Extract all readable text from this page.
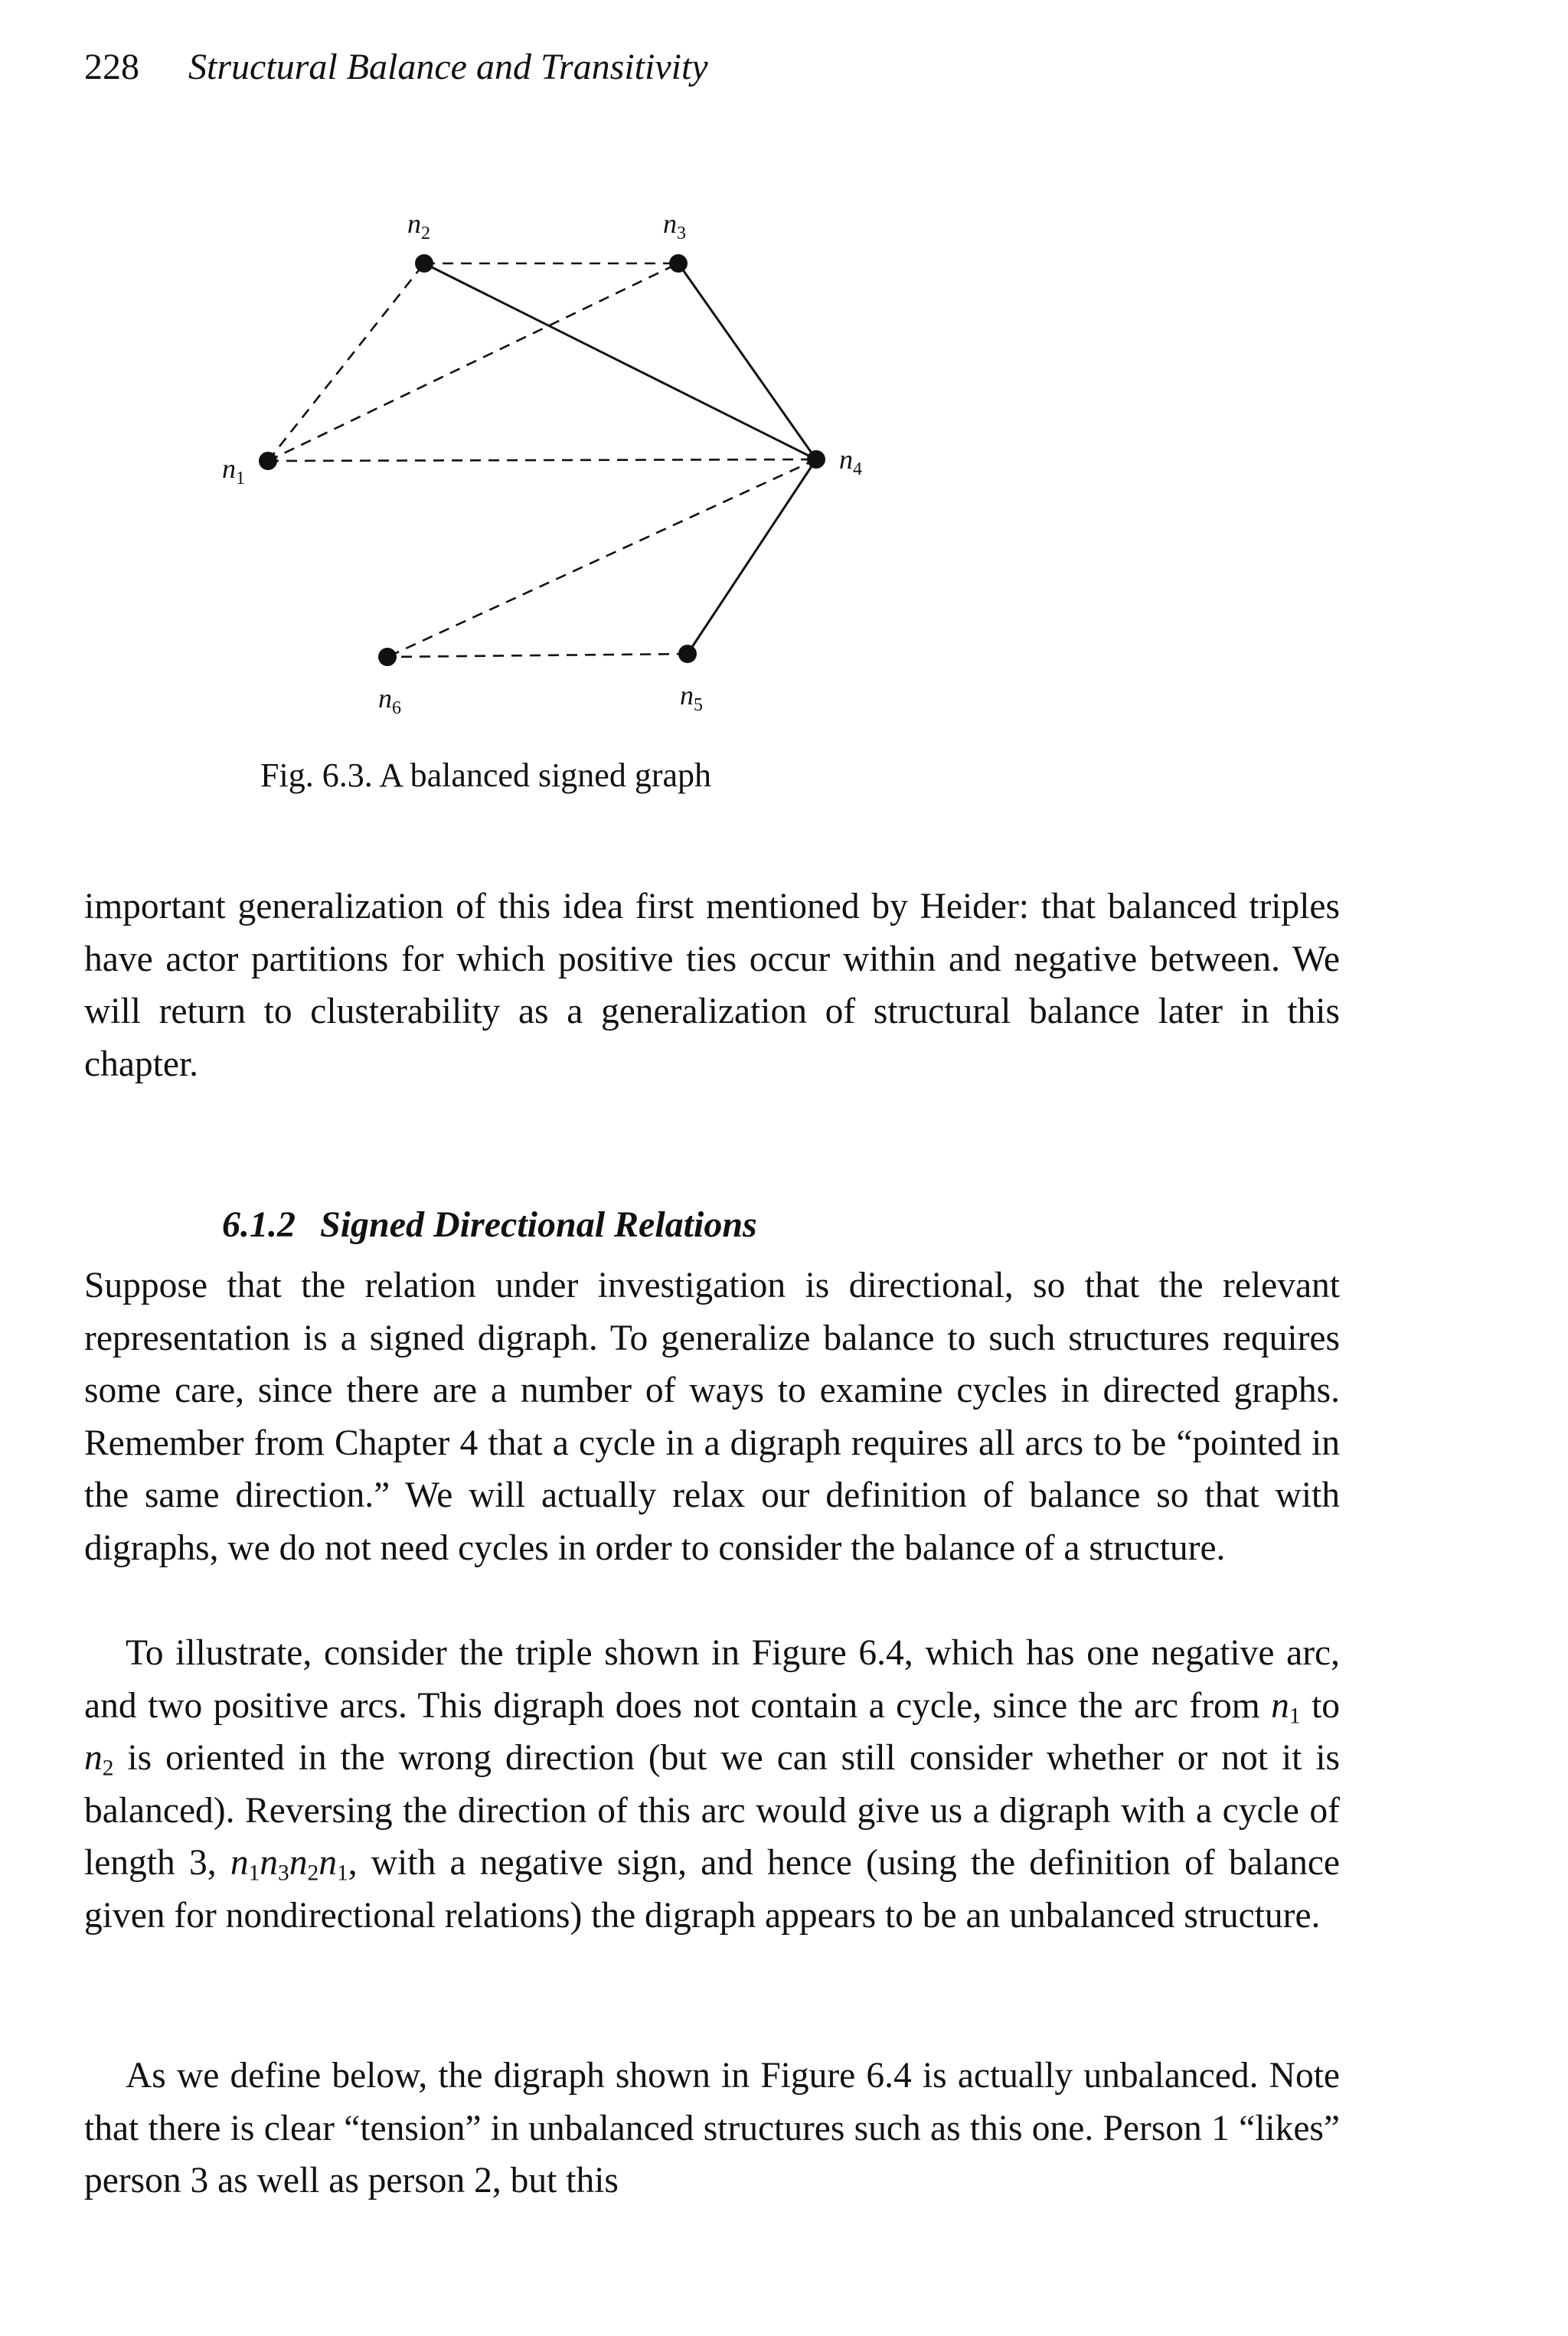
228 Structural Balance and Transitivity
$n_1$
$n_2$	$n_3$
$n_4$
$n_5$
$n_6$
Fig. 6.3. A balanced signed graph

important generalization of this idea first mentioned by Heider: that balanced triples have actor partitions for which positive ties occur within and negative between. We will return to clusterability as a generalization of structural balance later in this chapter.

6.1.2 Signed Directional Relations

Suppose that the relation under investigation is directional, so that the relevant representation is a signed digraph. To generalize balance to such structures requires some care, since there are a number of ways to examine cycles in directed graphs. Remember from Chapter 4 that a cycle in a digraph requires all arcs to be “pointed in the same direction.” We will actually relax our definition of balance so that with digraphs, we do not need cycles in order to consider the balance of a structure.

To illustrate, consider the triple shown in Figure 6.4, which has one negative arc, and two positive arcs. This digraph does not contain a cycle, since the arc from $n_1$ to $n_2$ is oriented in the wrong direction (but we can still consider whether or not it is balanced). Reversing the direction of this arc would give us a digraph with a cycle of length 3, $n_1n_3n_2n_1$, with a negative sign, and hence (using the definition of balance given for nondirectional relations) the digraph appears to be an unbalanced structure.

As we define below, the digraph shown in Figure 6.4 is actually unbalanced. Note that there is clear “tension” in unbalanced structures such as this one. Person 1 “likes” person 3 as well as person 2, but this
